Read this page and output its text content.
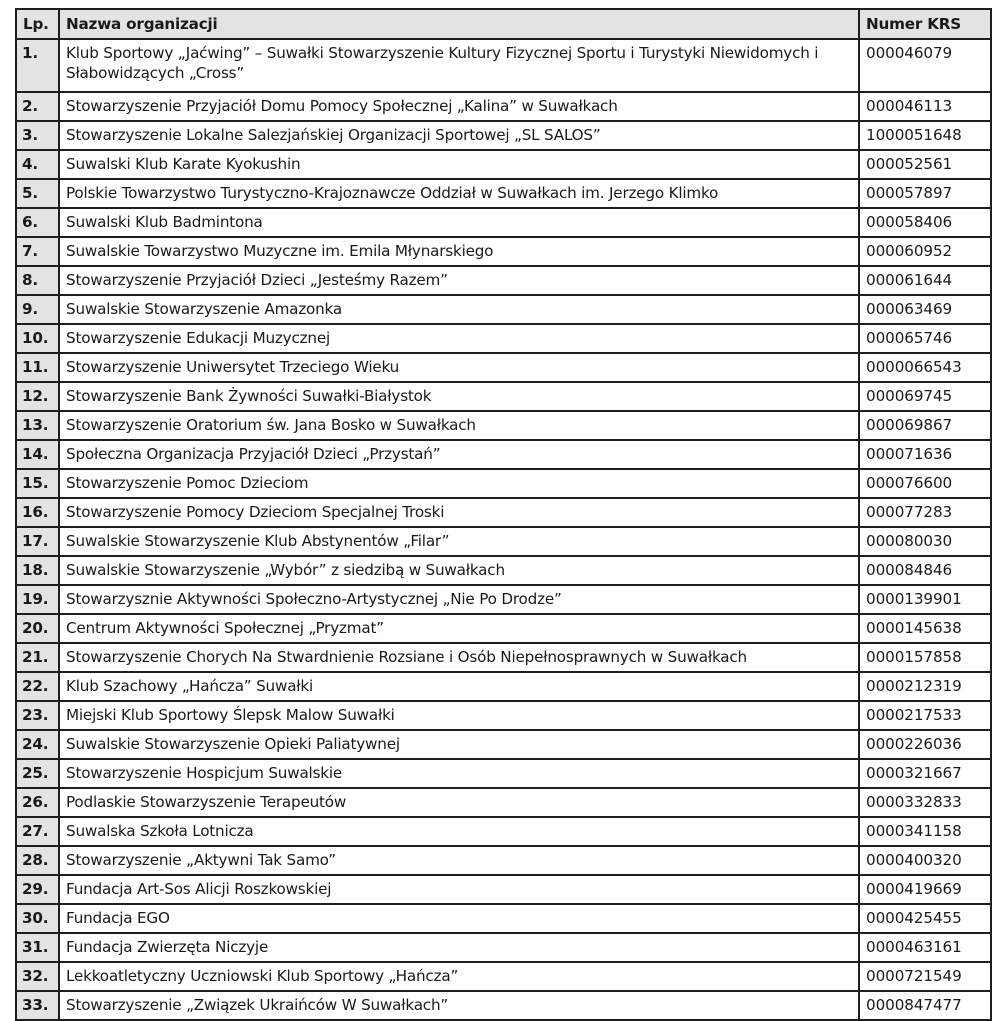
Lp.	Nazwa organizacji	Numer KRS
1.	Klub Sportowy „Jaćwing” – Suwałki Stowarzyszenie Kultury Fizycznej Sportu i Turystyki Niewidomych i Słabowidzących „Cross”	000046079
2.	Stowarzyszenie Przyjaciół Domu Pomocy Społecznej „Kalina” w Suwałkach	000046113
3.	Stowarzyszenie Lokalne Salezjańskiej Organizacji Sportowej „SL SALOS”	1000051648
4.	Suwalski Klub Karate Kyokushin	000052561
5.	Polskie Towarzystwo Turystyczno-Krajoznawcze Oddział w Suwałkach im. Jerzego Klimko	000057897
6.	Suwalski Klub Badmintona	000058406
7.	Suwalskie Towarzystwo Muzyczne im. Emila Młynarskiego	000060952
8.	Stowarzyszenie Przyjaciół Dzieci „Jesteśmy Razem”	000061644
9.	Suwalskie Stowarzyszenie Amazonka	000063469
10.	Stowarzyszenie Edukacji Muzycznej	000065746
11.	Stowarzyszenie Uniwersytet Trzeciego Wieku	0000066543
12.	Stowarzyszenie Bank Żywności Suwałki-Białystok	000069745
13.	Stowarzyszenie Oratorium św. Jana Bosko w Suwałkach	000069867
14.	Społeczna Organizacja Przyjaciół Dzieci „Przystań”	000071636
15.	Stowarzyszenie Pomoc Dzieciom	000076600
16.	Stowarzyszenie Pomocy Dzieciom Specjalnej Troski	000077283
17.	Suwalskie Stowarzyszenie Klub Abstynentów „Filar”	000080030
18.	Suwalskie Stowarzyszenie „Wybór” z siedzibą w Suwałkach	000084846
19.	Stowarzysznie Aktywności Społeczno-Artystycznej „Nie Po Drodze”	0000139901
20.	Centrum Aktywności Społecznej „Pryzmat”	0000145638
21.	Stowarzyszenie Chorych Na Stwardnienie Rozsiane i Osób Niepełnosprawnych w Suwałkach	0000157858
22.	Klub Szachowy „Hańcza” Suwałki	0000212319
23.	Miejski Klub Sportowy Ślepsk Malow Suwałki	0000217533
24.	Suwalskie Stowarzyszenie Opieki Paliatywnej	0000226036
25.	Stowarzyszenie Hospicjum Suwalskie	0000321667
26.	Podlaskie Stowarzyszenie Terapeutów	0000332833
27.	Suwalska Szkoła Lotnicza	0000341158
28.	Stowarzyszenie „Aktywni Tak Samo”	0000400320
29.	Fundacja Art-Sos Alicji Roszkowskiej	0000419669
30.	Fundacja EGO	0000425455
31.	Fundacja Zwierzęta Niczyje	0000463161
32.	Lekkoatletyczny Uczniowski Klub Sportowy „Hańcza”	0000721549
33.	Stowarzyszenie „Związek Ukraińców W Suwałkach”	0000847477
